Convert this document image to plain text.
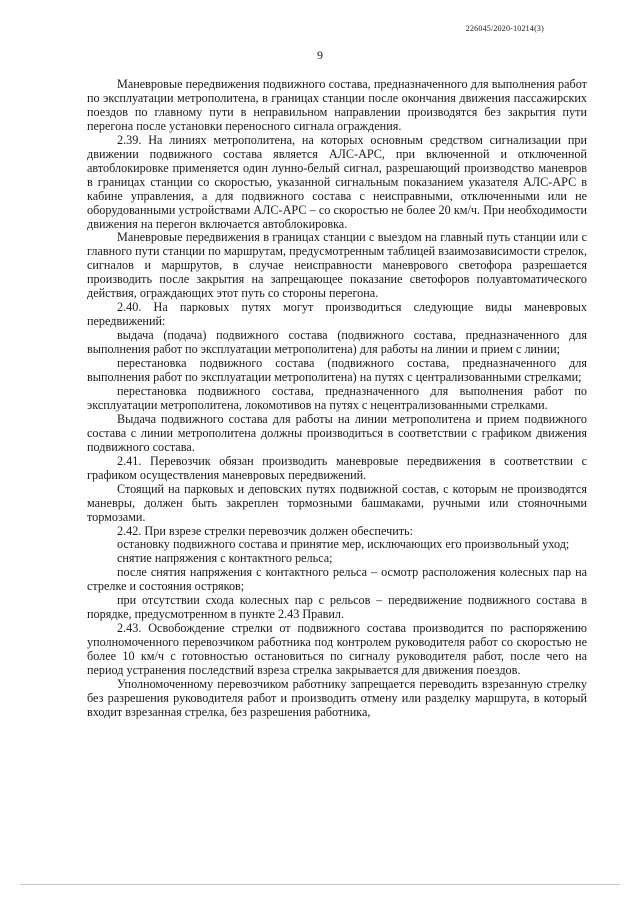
226045/2020-10214(3)
9

Маневровые передвижения подвижного состава, предназначенного для выполнения работ по эксплуатации метрополитена, в границах станции после окончания движения пассажирских поездов по главному пути в неправильном направлении производятся без закрытия пути перегона после установки переносного сигнала ограждения.

2.39. На линиях метрополитена, на которых основным средством сигнализации при движении подвижного состава является АЛС-АРС, при включенной и отключенной автоблокировке применяется один лунно-белый сигнал, разрешающий производство маневров в границах станции со скоростью, указанной сигнальным показанием указателя АЛС-АРС в кабине управления, а для подвижного состава с неисправными, отключенными или не оборудованными устройствами АЛС-АРС – со скоростью не более 20 км/ч. При необходимости движения на перегон включается автоблокировка.

Маневровые передвижения в границах станции с выездом на главный путь станции или с главного пути станции по маршрутам, предусмотренным таблицей взаимозависимости стрелок, сигналов и маршрутов, в случае неисправности маневрового светофора разрешается производить после закрытия на запрещающее показание светофоров полуавтоматического действия, ограждающих этот путь со стороны перегона.

2.40. На парковых путях могут производиться следующие виды маневровых передвижений:

выдача (подача) подвижного состава (подвижного состава, предназначенного для выполнения работ по эксплуатации метрополитена) для работы на линии и прием с линии;

перестановка подвижного состава (подвижного состава, предназначенного для выполнения работ по эксплуатации метрополитена) на путях с централизованными стрелками;

перестановка подвижного состава, предназначенного для выполнения работ по эксплуатации метрополитена, локомотивов на путях с нецентрализованными стрелками.

Выдача подвижного состава для работы на линии метрополитена и прием подвижного состава с линии метрополитена должны производиться в соответствии с графиком движения подвижного состава.

2.41. Перевозчик обязан производить маневровые передвижения в соответствии с графиком осуществления маневровых передвижений.

Стоящий на парковых и деповских путях подвижной состав, с которым не производятся маневры, должен быть закреплен тормозными башмаками, ручными или стояночными тормозами.

2.42. При взрезе стрелки перевозчик должен обеспечить:

остановку подвижного состава и принятие мер, исключающих его произвольный уход;

снятие напряжения с контактного рельса;

после снятия напряжения с контактного рельса – осмотр расположения колесных пар на стрелке и состояния остряков;

при отсутствии схода колесных пар с рельсов – передвижение подвижного состава в порядке, предусмотренном в пункте 2.43 Правил.

2.43. Освобождение стрелки от подвижного состава производится по распоряжению уполномоченного перевозчиком работника под контролем руководителя работ со скоростью не более 10 км/ч с готовностью остановиться по сигналу руководителя работ, после чего на период устранения последствий взреза стрелка закрывается для движения поездов.

Уполномоченному перевозчиком работнику запрещается переводить взрезанную стрелку без разрешения руководителя работ и производить отмену или разделку маршрута, в который входит взрезанная стрелка, без разрешения работника,
